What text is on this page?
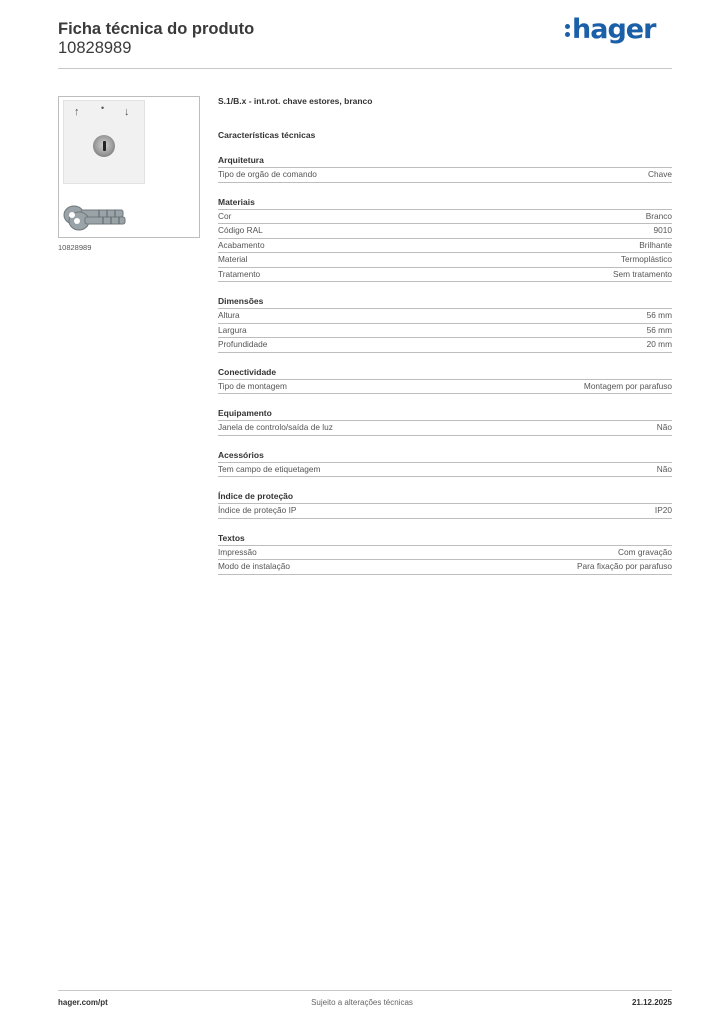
Ficha técnica do produto
10828989
hager
↑ • ↓
10828989
S.1/B.x - int.rot. chave estores, branco
Características técnicas
Arquitetura
Tipo de orgão de comando	Chave
Materiais
Cor	Branco
Código RAL	9010
Acabamento	Brilhante
Material	Termoplástico
Tratamento	Sem tratamento
Dimensões
Altura	56 mm
Largura	56 mm
Profundidade	20 mm
Conectividade
Tipo de montagem	Montagem por parafuso
Equipamento
Janela de controlo/saída de luz	Não
Acessórios
Tem campo de etiquetagem	Não
Índice de proteção
Índice de proteção IP	IP20
Textos
Impressão	Com gravação
Modo de instalação	Para fixação por parafuso
hager.com/pt	Sujeito a alterações técnicas	21.12.2025
